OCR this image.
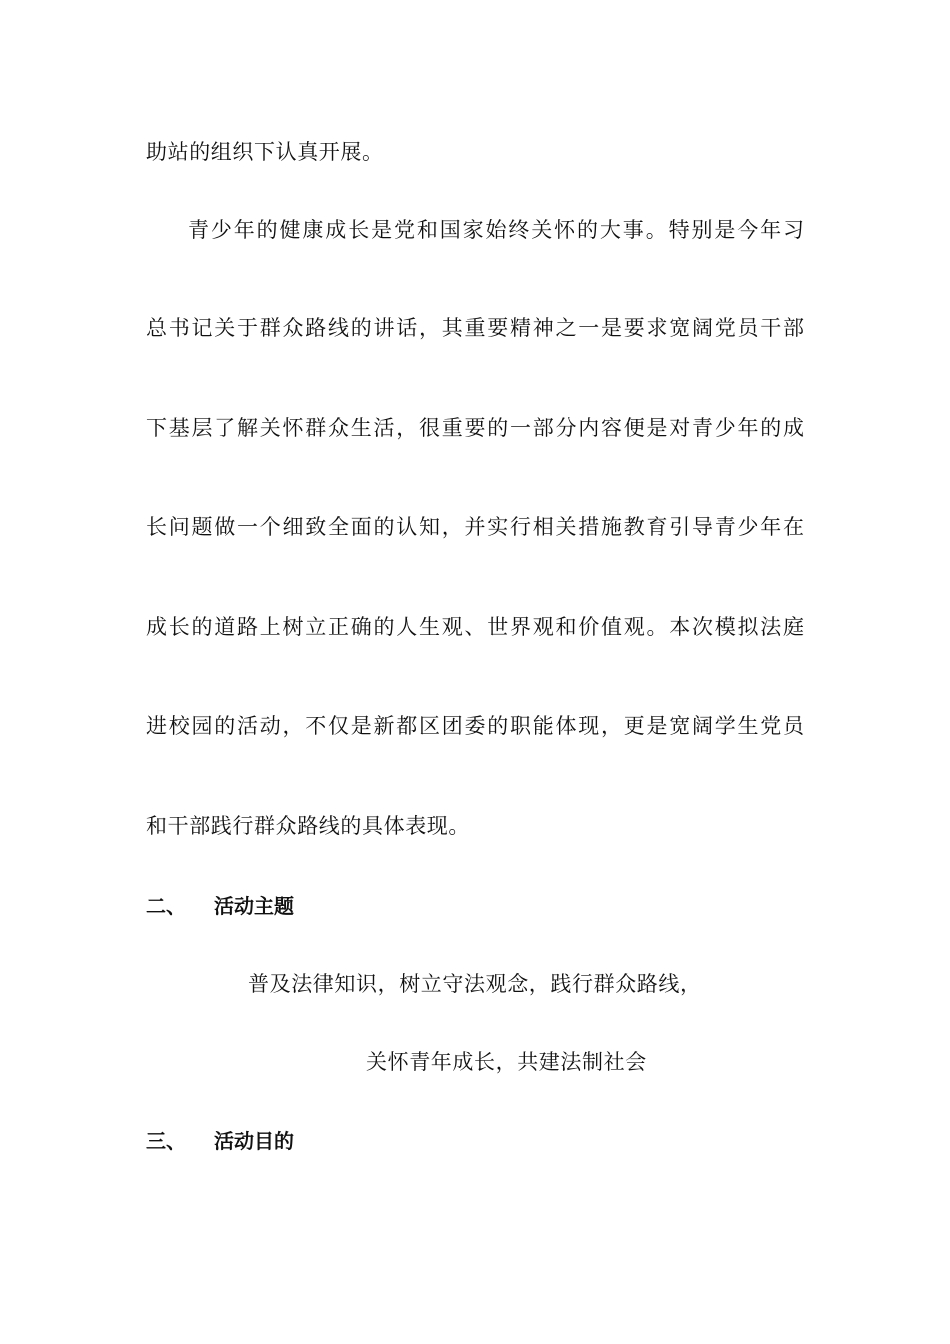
助站的组织下认真开展。
青少年的健康成长是党和国家始终关怀的大事。特别是今年习
总书记关于群众路线的讲话，其重要精神之一是要求宽阔党员干部
下基层了解关怀群众生活，很重要的一部分内容便是对青少年的成
长问题做一个细致全面的认知，并实行相关措施教育引导青少年在
成长的道路上树立正确的人生观、世界观和价值观。本次模拟法庭
进校园的活动，不仅是新都区团委的职能体现，更是宽阔学生党员
和干部践行群众路线的具体表现。
二、 活动主题
普及法律知识，树立守法观念，践行群众路线，
关怀青年成长，共建法制社会
三、 活动目的
